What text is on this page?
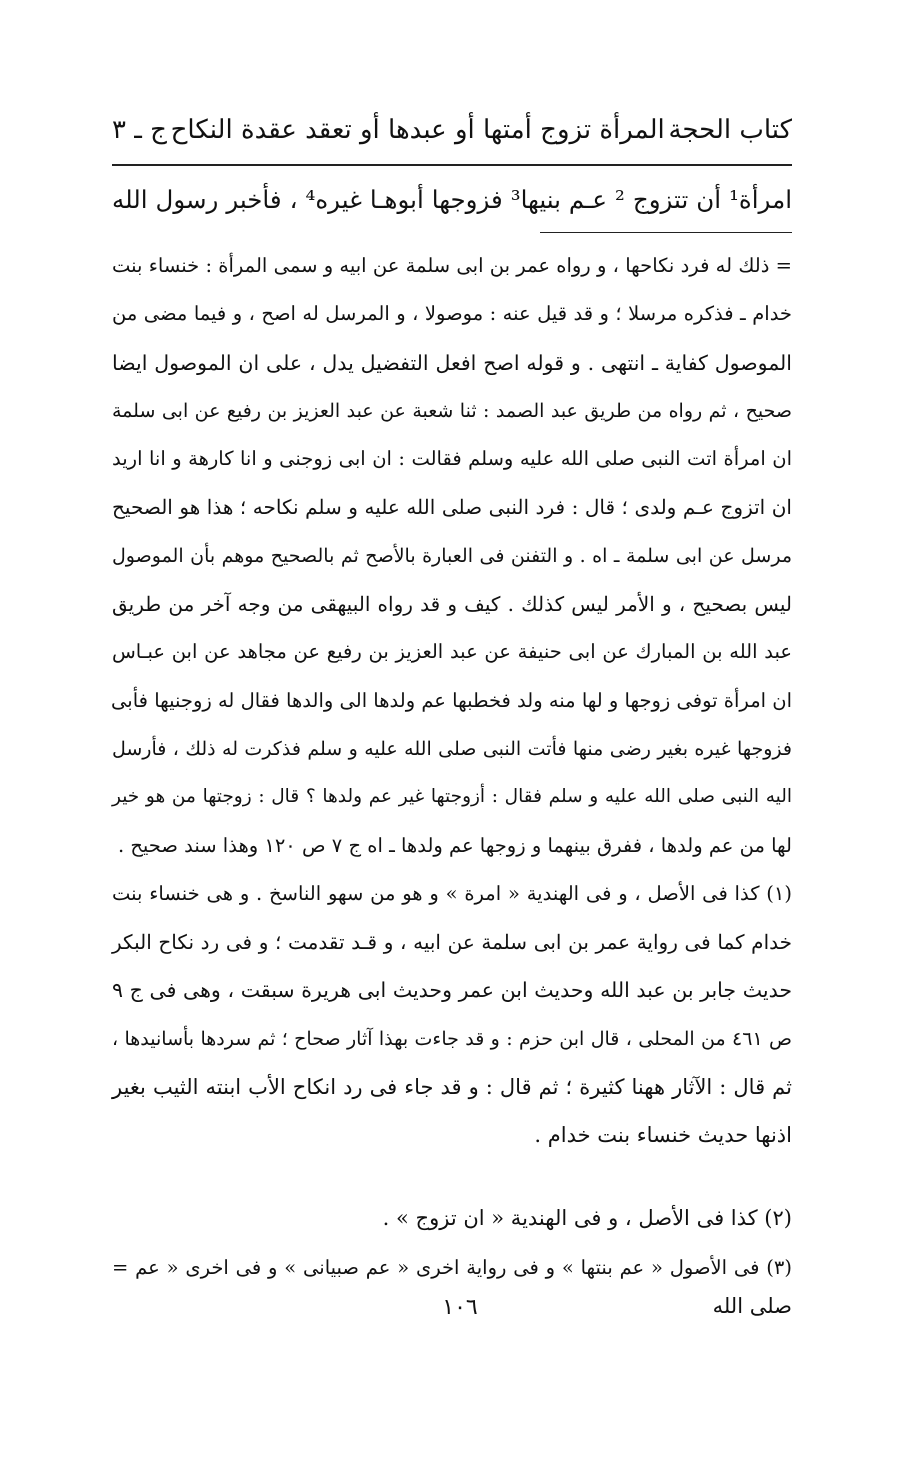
كتاب الحجة
المرأة تزوج أمتها أو عبدها أو تعقد عقدة النكاح
ج ـ ٣
امرأة¹ أن تتزوج ² عـم بنيها³ فزوجها أبوهـا غيره⁴ ، فأخبر رسول الله
= ذلك له فرد نكاحها ، و رواه عمر بن ابى سلمة عن ابيه و سمى المرأة : خنساء بنت
خدام ـ فذكره مرسلا ؛ و قد قيل عنه : موصولا ، و المرسل له اصح ، و فيما مضى من
الموصول كفاية ـ انتهى . و قوله اصح افعل التفضيل يدل ، على ان الموصول ايضا
صحيح ، ثم رواه من طريق عبد الصمد : ثنا شعبة عن عبد العزيز بن رفيع عن ابى سلمة
ان امرأة اتت النبى صلى الله عليه وسلم فقالت : ان ابى زوجنى و انا كارهة و انا اريد
ان اتزوج عـم ولدى ؛ قال : فرد النبى صلى الله عليه و سلم نكاحه ؛ هذا هو الصحيح
مرسل عن ابى سلمة ـ اه . و التفنن فى العبارة بالأصح ثم بالصحيح موهم بأن الموصول
ليس بصحيح ، و الأمر ليس كذلك . كيف و قد رواه البيهقى من وجه آخر من طريق
عبد الله بن المبارك عن ابى حنيفة عن عبد العزيز بن رفيع عن مجاهد عن ابن عبـاس
ان امرأة توفى زوجها و لها منه ولد فخطبها عم ولدها الى والدها فقال له زوجنيها فأبى
فزوجها غيره بغير رضى منها فأتت النبى صلى الله عليه و سلم فذكرت له ذلك ، فأرسل
اليه النبى صلى الله عليه و سلم فقال : أزوجتها غير عم ولدها ؟ قال : زوجتها من هو خير
لها من عم ولدها ، ففرق بينهما و زوجها عم ولدها ـ اه ج ٧ ص ١٢٠ وهذا سند صحيح .
(١) كذا فى الأصل ، و فى الهندية « امرة » و هو من سهو الناسخ . و هى خنساء بنت
خدام كما فى رواية عمر بن ابى سلمة عن ابيه ، و قـد تقدمت ؛ و فى رد نكاح البكر
حديث جابر بن عبد الله وحديث ابن عمر وحديث ابى هريرة سبقت ، وهى فى ج ٩
ص ٤٦١ من المحلى ، قال ابن حزم : و قد جاءت بهذا آثار صحاح ؛ ثم سردها بأسانيدها ،
ثم قال : الآثار ههنا كثيرة ؛ ثم قال : و قد جاء فى رد انكاح الأب ابنته الثيب بغير
اذنها حديث خنساء بنت خدام .
(٢) كذا فى الأصل ، و فى الهندية « ان تزوج » .
(٣) فى الأصول « عم بنتها » و فى رواية اخرى « عم صبيانى » و فى اخرى « عم =
صلى الله
١٠٦
